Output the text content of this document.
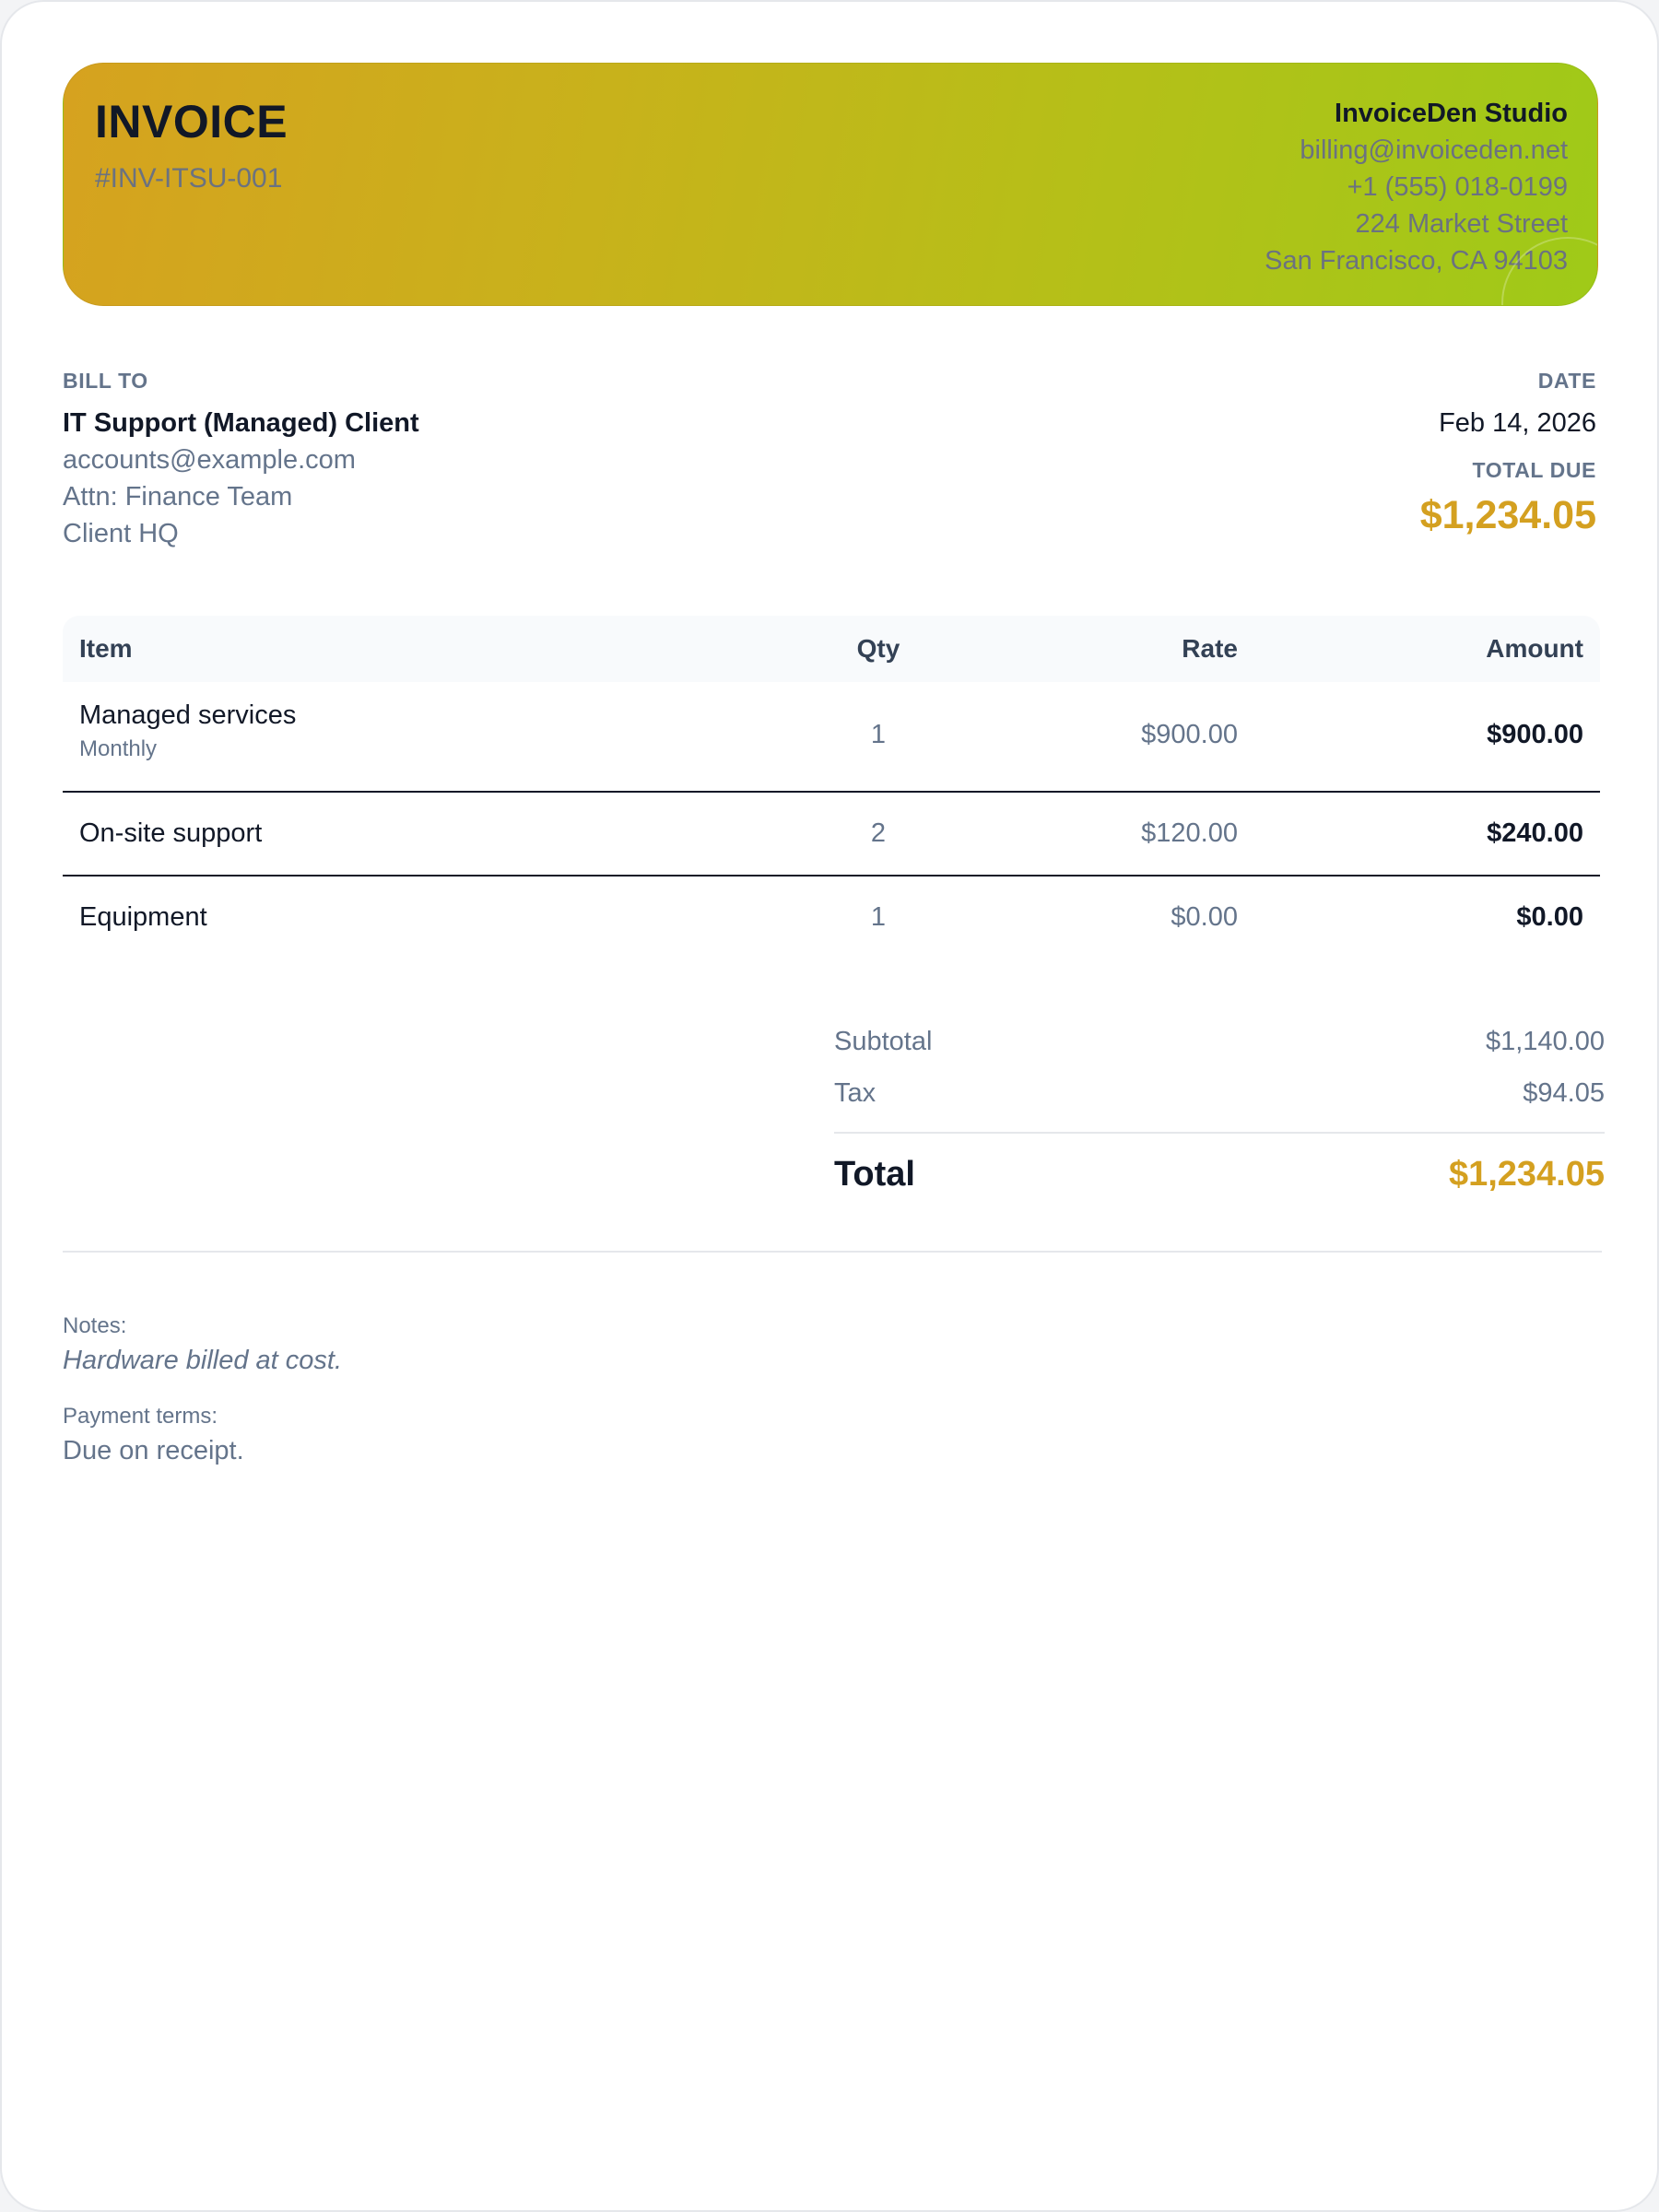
INVOICE
#INV-ITSU-001
InvoiceDen Studio
billing@invoiceden.net
+1 (555) 018-0199
224 Market Street
San Francisco, CA 94103
BILL TO
IT Support (Managed) Client
accounts@example.com
Attn: Finance Team
Client HQ
DATE
Feb 14, 2026
TOTAL DUE
$1,234.05
Item	Qty	Rate	Amount
Managed services
Monthly	1	$900.00	$900.00
On-site support	2	$120.00	$240.00
Equipment	1	$0.00	$0.00
Subtotal	$1,140.00
Tax	$94.05
Total	$1,234.05
Notes:
Hardware billed at cost.
Payment terms:
Due on receipt.
